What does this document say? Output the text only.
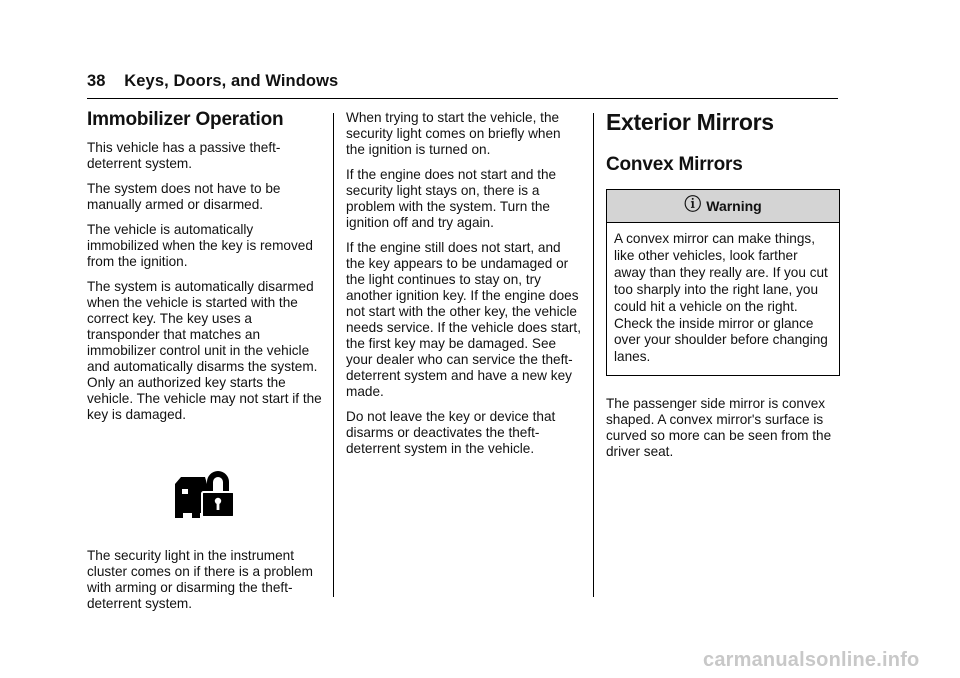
38 Keys, Doors, and Windows
Immobilizer Operation

This vehicle has a passive theft-deterrent system.

The system does not have to be manually armed or disarmed.

The vehicle is automatically immobilized when the key is removed from the ignition.

The system is automatically disarmed when the vehicle is started with the correct key. The key uses a transponder that matches an immobilizer control unit in the vehicle and automatically disarms the system. Only an authorized key starts the vehicle. The vehicle may not start if the key is damaged.

The security light in the instrument cluster comes on if there is a problem with arming or disarming the theft-deterrent system.

When trying to start the vehicle, the security light comes on briefly when the ignition is turned on.

If the engine does not start and the security light stays on, there is a problem with the system. Turn the ignition off and try again.

If the engine still does not start, and the key appears to be undamaged or the light continues to stay on, try another ignition key. If the engine does not start with the other key, the vehicle needs service. If the vehicle does start, the first key may be damaged. See your dealer who can service the theft-deterrent system and have a new key made.

Do not leave the key or device that disarms or deactivates the theft-deterrent system in the vehicle.

Exterior Mirrors
Convex Mirrors
ⓘ Warning
A convex mirror can make things, like other vehicles, look farther away than they really are. If you cut too sharply into the right lane, you could hit a vehicle on the right. Check the inside mirror or glance over your shoulder before changing lanes.

The passenger side mirror is convex shaped. A convex mirror's surface is curved so more can be seen from the driver seat.

carmanualsonline.info
